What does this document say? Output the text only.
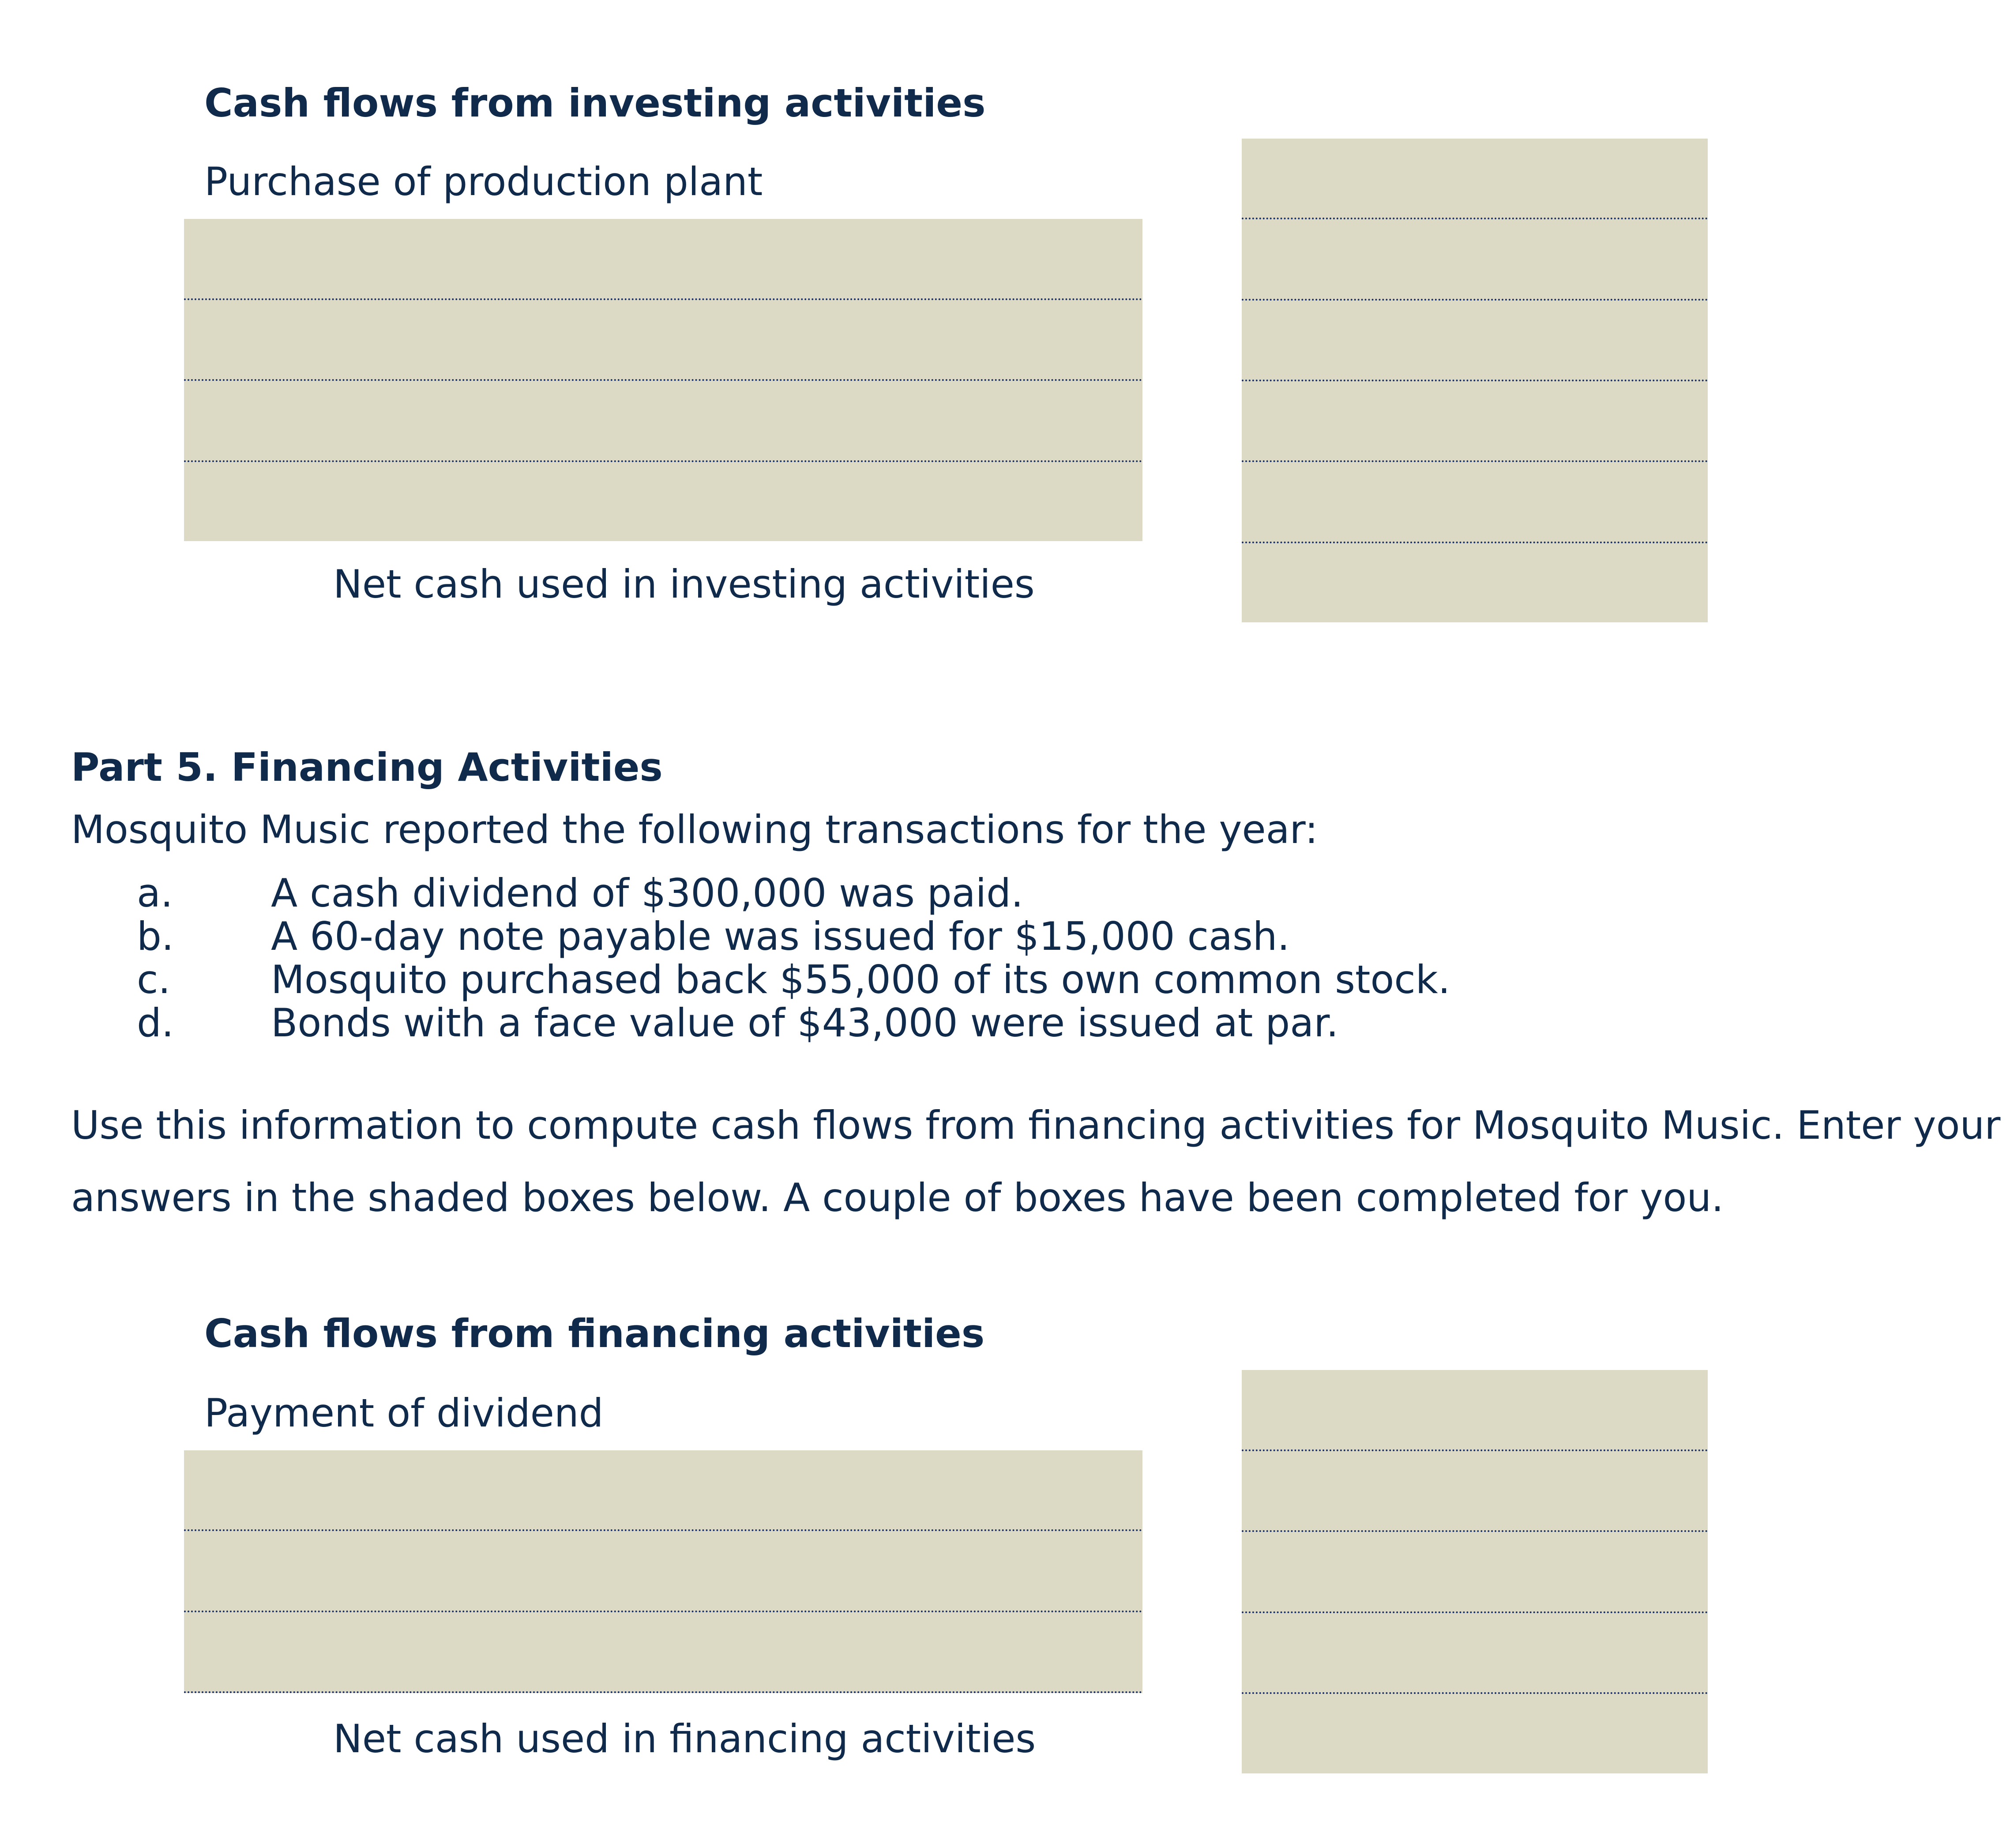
Cash flows from investing activities
Purchase of production plant
Net cash used in investing activities
Part 5. Financing Activities
Mosquito Music reported the following transactions for the year:
a.	A cash dividend of $300,000 was paid.
b.	A 60-day note payable was issued for $15,000 cash.
c.	Mosquito purchased back $55,000 of its own common stock.
d.	Bonds with a face value of $43,000 were issued at par.
Use this information to compute cash flows from financing activities for Mosquito Music. Enter your
answers in the shaded boxes below. A couple of boxes have been completed for you.
Cash flows from financing activities
Payment of dividend
Net cash used in financing activities
